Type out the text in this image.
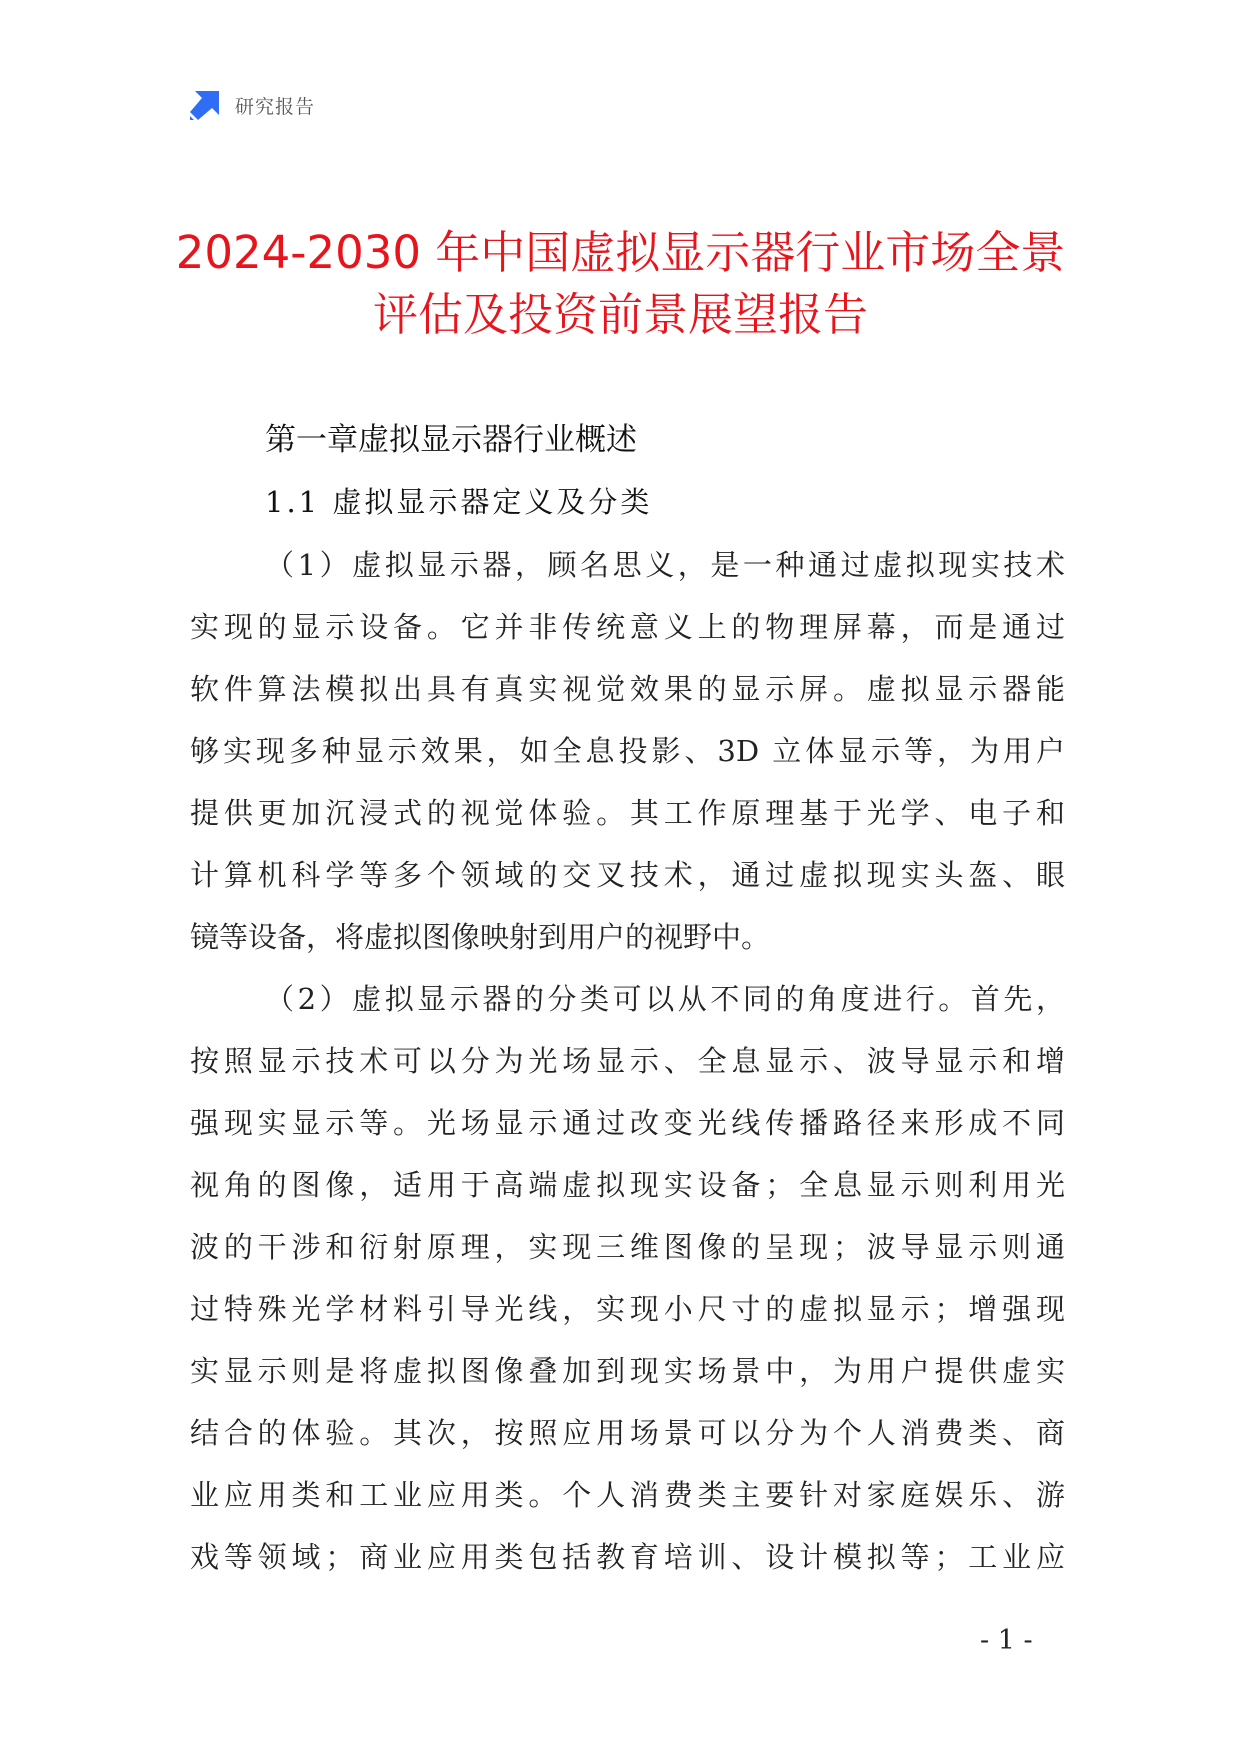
研究报告
2024-2030 年中国虚拟显示器行业市场全景
评估及投资前景展望报告
第一章虚拟显示器行业概述
1.1 虚拟显示器定义及分类

（1）虚拟显示器，顾名思义，是一种通过虚拟现实技术
实现的显示设备。它并非传统意义上的物理屏幕，而是通过
软件算法模拟出具有真实视觉效果的显示屏。虚拟显示器能
够实现多种显示效果，如全息投影、3D 立体显示等，为用户
提供更加沉浸式的视觉体验。其工作原理基于光学、电子和
计算机科学等多个领域的交叉技术，通过虚拟现实头盔、眼
镜等设备，将虚拟图像映射到用户的视野中。

（2）虚拟显示器的分类可以从不同的角度进行。首先，
按照显示技术可以分为光场显示、全息显示、波导显示和增
强现实显示等。光场显示通过改变光线传播路径来形成不同
视角的图像，适用于高端虚拟现实设备；全息显示则利用光
波的干涉和衍射原理，实现三维图像的呈现；波导显示则通
过特殊光学材料引导光线，实现小尺寸的虚拟显示；增强现
实显示则是将虚拟图像叠加到现实场景中，为用户提供虚实
结合的体验。其次，按照应用场景可以分为个人消费类、商
业应用类和工业应用类。个人消费类主要针对家庭娱乐、游
戏等领域；商业应用类包括教育培训、设计模拟等；工业应

- 1 -
